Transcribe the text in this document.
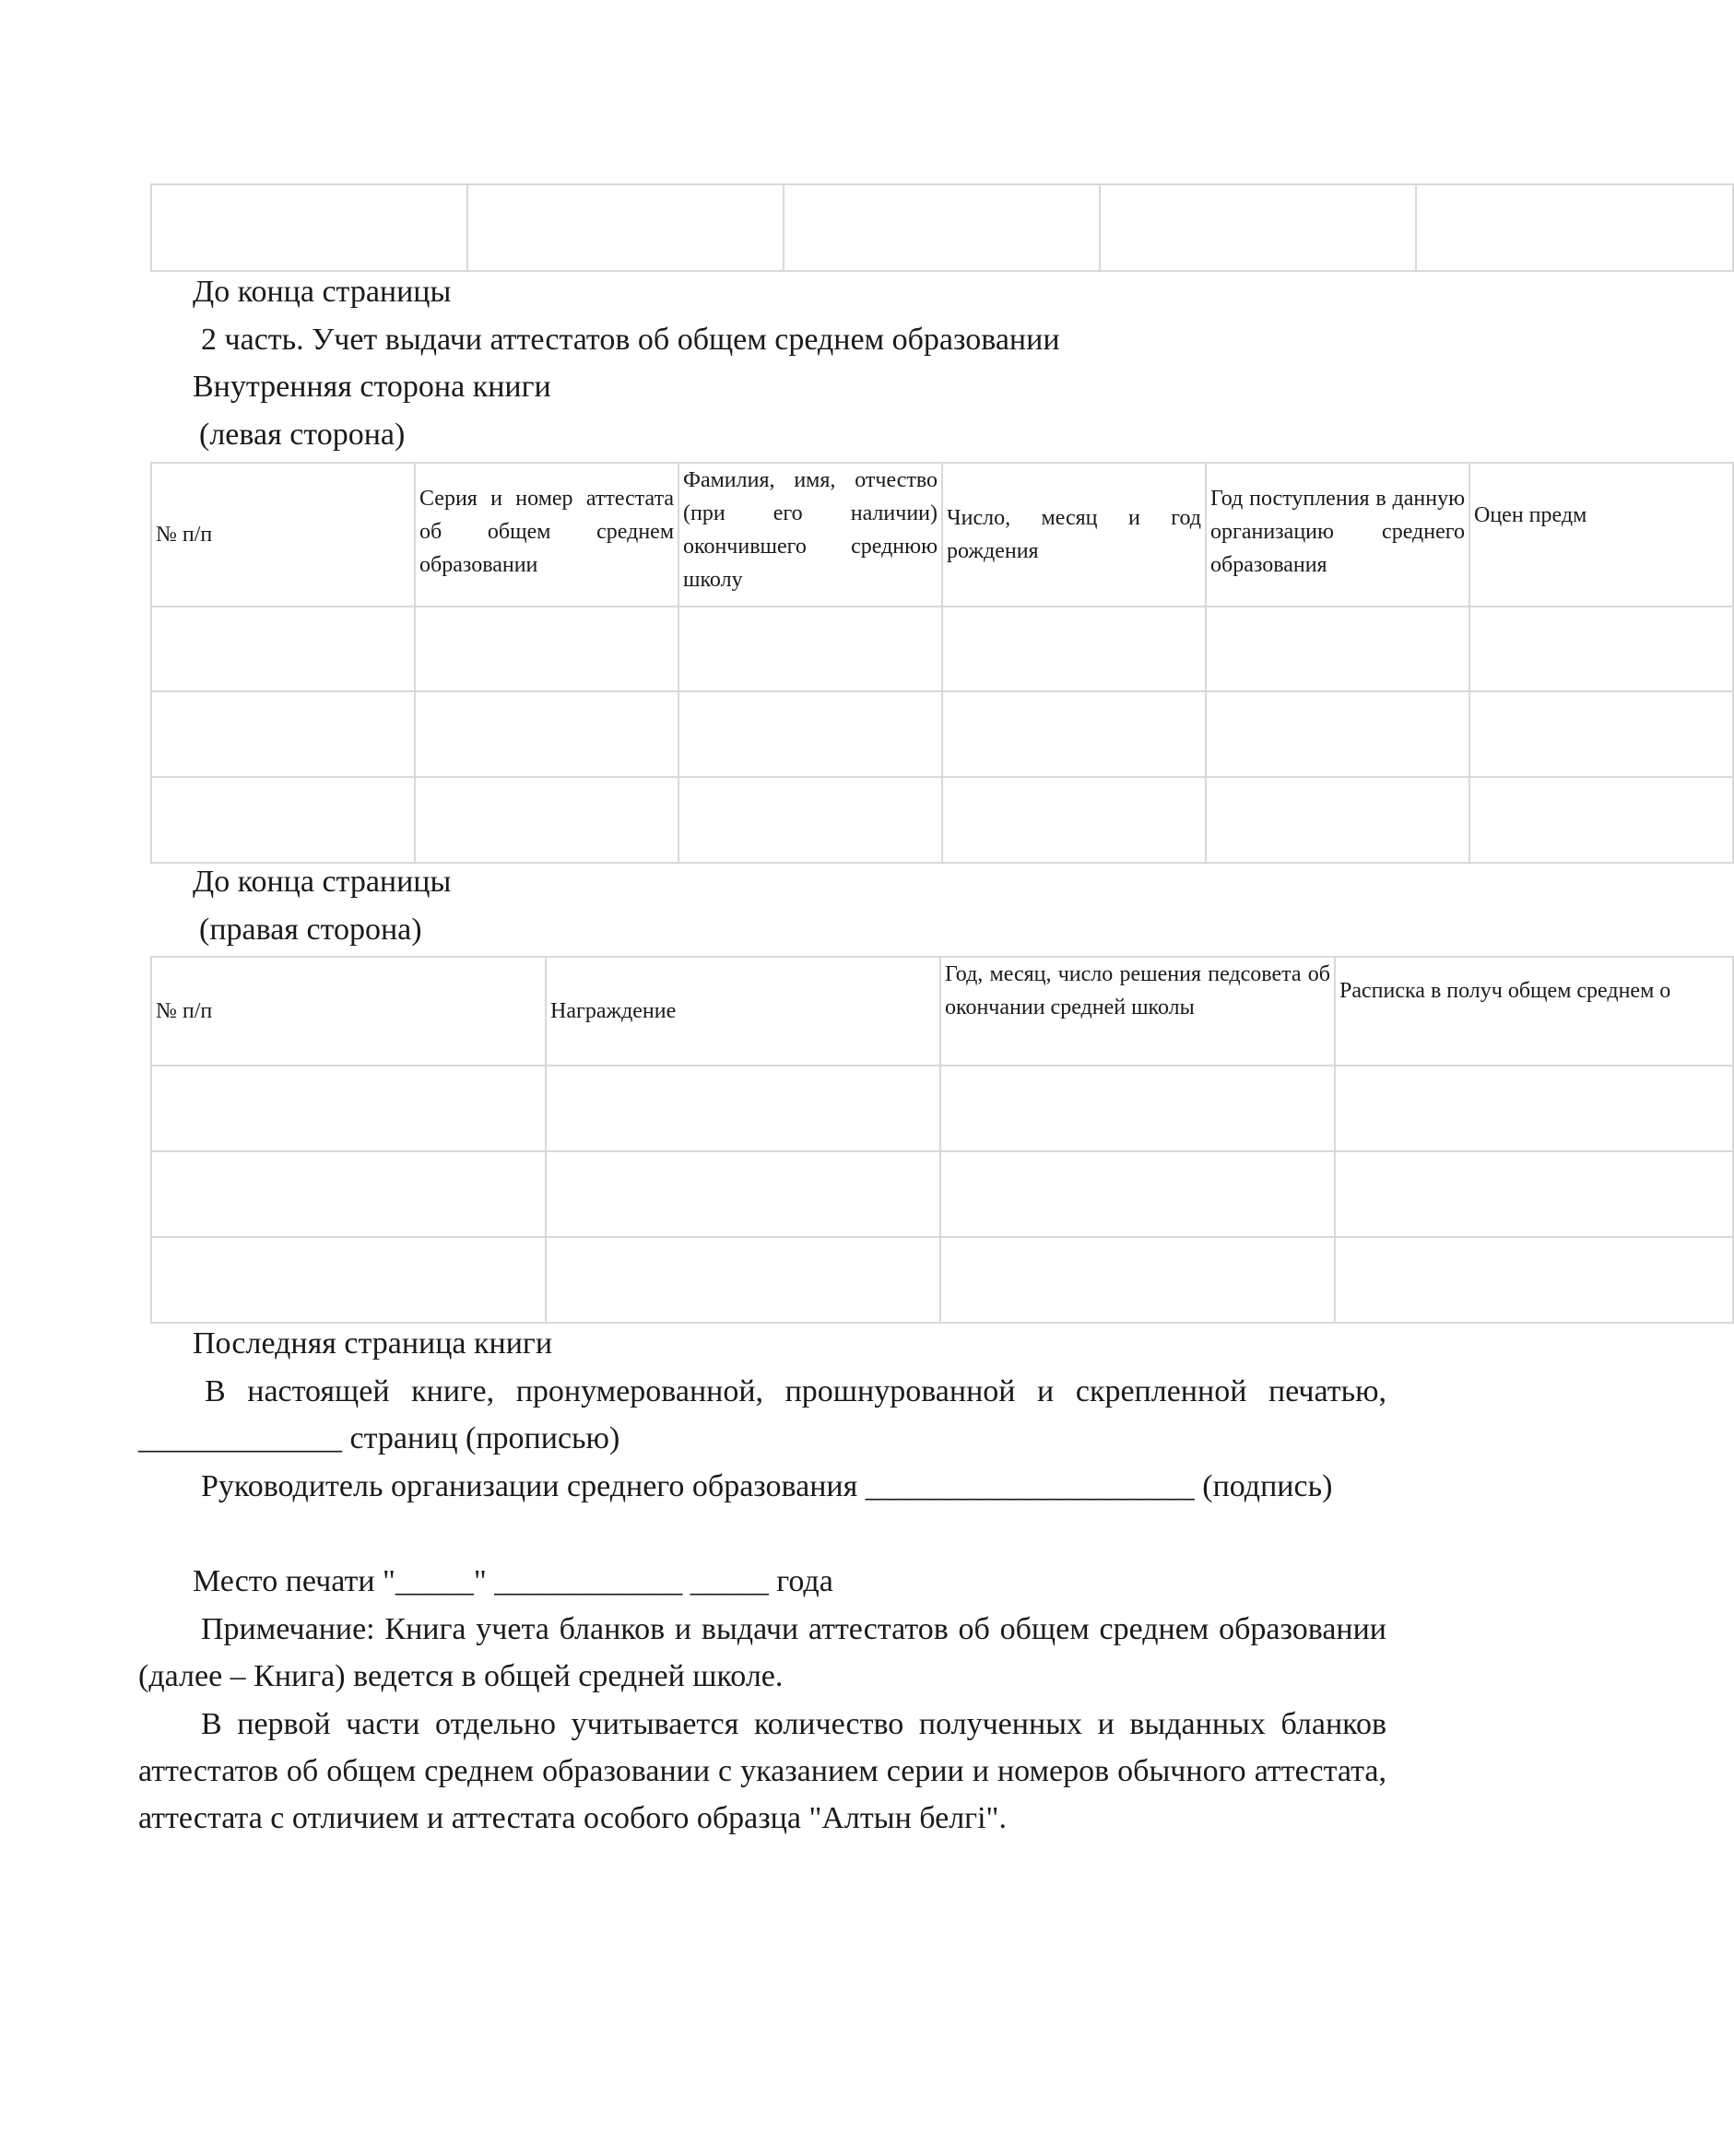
До конца страницы
2 часть. Учет выдачи аттестатов об общем среднем образовании
Внутренняя сторона книги
(левая сторона)
№ п/п	Серия и номер аттестата об общем среднем образовании	Фамилия, имя, отчество (при его наличии) окончившего среднюю школу	Число, месяц и год рождения	Год поступления в данную организацию среднего образования	Оцен предм

До конца страницы
(правая сторона)
№ п/п	Награждение	Год, месяц, число решения педсовета об окончании средней школы	Расписка в получ общем среднем о

Последняя страница книги
В настоящей книге, пронумерованной, прошнурованной и скрепленной печатью, _____________ страниц (прописью)
Руководитель организации среднего образования _____________________ (подпись)
Место печати "_____" ____________ _____ года
Примечание: Книга учета бланков и выдачи аттестатов об общем среднем образовании (далее – Книга) ведется в общей средней школе.
В первой части отдельно учитывается количество полученных и выданных бланков аттестатов об общем среднем образовании с указанием серии и номеров обычного аттестата, аттестата с отличием и аттестата особого образца "Алтын белгі".
